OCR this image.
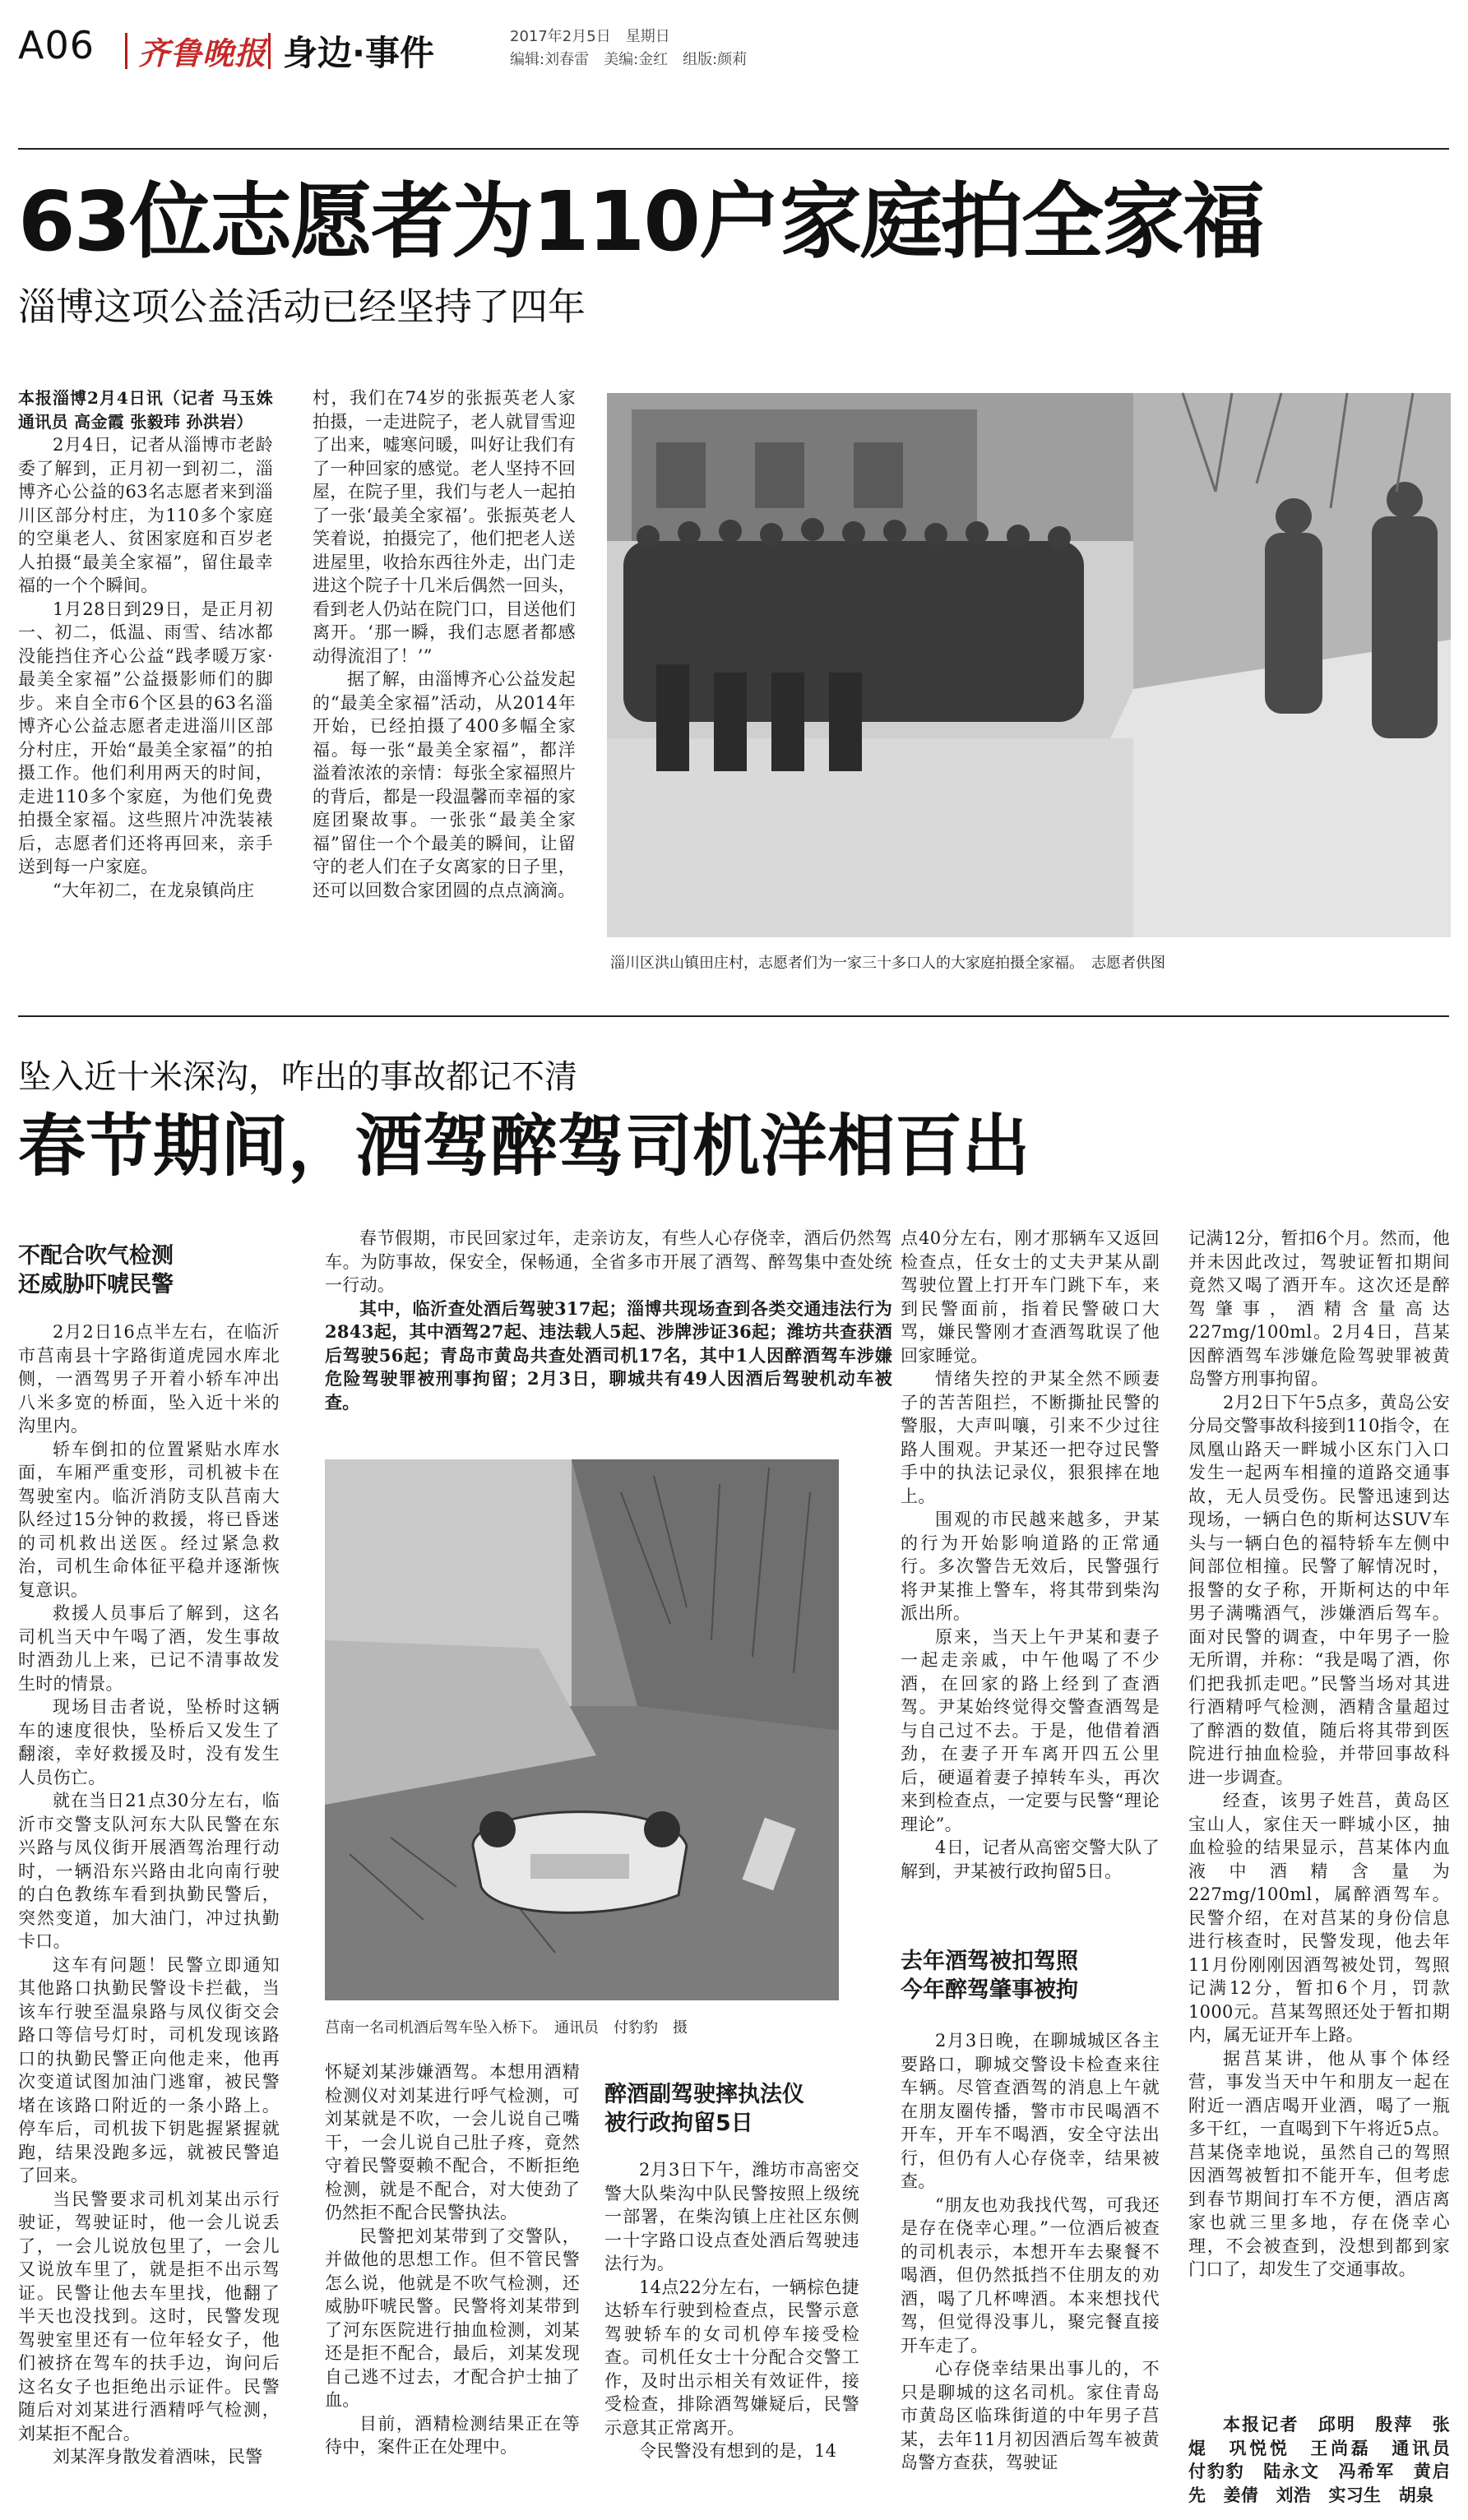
A06 齐鲁晚报 身边·事件	2017年2月5日　星期日
编辑:刘春雷　美编:金红　组版:颜莉
63位志愿者为110户家庭拍全家福
淄博这项公益活动已经坚持了四年
本报淄博2月4日讯（记者 马玉姝 通讯员 高金霞 张毅玮 孙洪岩）

2月4日，记者从淄博市老龄委了解到，正月初一到初二，淄博齐心公益的63名志愿者来到淄川区部分村庄，为110多个家庭的空巢老人、贫困家庭和百岁老人拍摄“最美全家福”，留住最幸福的一个个瞬间。

1月28日到29日，是正月初一、初二，低温、雨雪、结冰都没能挡住齐心公益“践孝暖万家·最美全家福”公益摄影师们的脚步。来自全市6个区县的63名淄博齐心公益志愿者走进淄川区部分村庄，开始“最美全家福”的拍摄工作。他们利用两天的时间，走进110多个家庭，为他们免费拍摄全家福。这些照片冲洗装裱后，志愿者们还将再回来，亲手送到每一户家庭。

“大年初二，在龙泉镇尚庄

村，我们在74岁的张振英老人家拍摄，一走进院子，老人就冒雪迎了出来，嘘寒问暖，叫好让我们有了一种回家的感觉。老人坚持不回屋，在院子里，我们与老人一起拍了一张‘最美全家福’。张振英老人笑着说，拍摄完了，他们把老人送进屋里，收拾东西往外走，出门走进这个院子十几米后偶然一回头，看到老人仍站在院门口，目送他们离开。‘那一瞬，我们志愿者都感动得流泪了！’”

据了解，由淄博齐心公益发起的“最美全家福”活动，从2014年开始，已经拍摄了400多幅全家福。每一张“最美全家福”，都洋溢着浓浓的亲情：每张全家福照片的背后，都是一段温馨而幸福的家庭团聚故事。一张张“最美全家福”留住一个个最美的瞬间，让留守的老人们在子女离家的日子里，还可以回数合家团圆的点点滴滴。

淄川区洪山镇田庄村，志愿者们为一家三十多口人的大家庭拍摄全家福。　志愿者供图
坠入近十米深沟，咋出的事故都记不清
春节期间，酒驾醉驾司机洋相百出
不配合吹气检测
还威胁吓唬民警

2月2日16点半左右，在临沂市莒南县十字路街道虎园水库北侧，一酒驾男子开着小轿车冲出八米多宽的桥面，坠入近十米的沟里内。

轿车倒扣的位置紧贴水库水面，车厢严重变形，司机被卡在驾驶室内。临沂消防支队莒南大队经过15分钟的救援，将已昏迷的司机救出送医。经过紧急救治，司机生命体征平稳并逐渐恢复意识。

救援人员事后了解到，这名司机当天中午喝了酒，发生事故时酒劲儿上来，已记不清事故发生时的情景。

现场目击者说，坠桥时这辆车的速度很快，坠桥后又发生了翻滚，幸好救援及时，没有发生人员伤亡。

就在当日21点30分左右，临沂市交警支队河东大队民警在东兴路与凤仪街开展酒驾治理行动时，一辆沿东兴路由北向南行驶的白色教练车看到执勤民警后，突然变道，加大油门，冲过执勤卡口。

这车有问题！民警立即通知其他路口执勤民警设卡拦截，当该车行驶至温泉路与凤仪街交会路口等信号灯时，司机发现该路口的执勤民警正向他走来，他再次变道试图加油门逃窜，被民警堵在该路口附近的一条小路上。停车后，司机拔下钥匙握紧握就跑，结果没跑多远，就被民警追了回来。

当民警要求司机刘某出示行驶证，驾驶证时，他一会儿说丢了，一会儿说放包里了，一会儿又说放车里了，就是拒不出示驾证。民警让他去车里找，他翻了半天也没找到。这时，民警发现驾驶室里还有一位年轻女子，他们被挤在驾车的扶手边，询问后这名女子也拒绝出示证件。民警随后对刘某进行酒精呼气检测，刘某拒不配合。

刘某浑身散发着酒味，民警

春节假期，市民回家过年，走亲访友，有些人心存侥幸，酒后仍然驾车。为防事故，保安全，保畅通，全省多市开展了酒驾、醉驾集中查处统一行动。

其中，临沂查处酒后驾驶317起；淄博共现场查到各类交通违法行为2843起，其中酒驾27起、违法载人5起、涉牌涉证36起；潍坊共查获酒后驾驶56起；青岛市黄岛共查处酒司机17名，其中1人因醉酒驾车涉嫌危险驾驶罪被刑事拘留；2月3日，聊城共有49人因酒后驾驶机动车被查。

莒南一名司机酒后驾车坠入桥下。　通讯员　付豹豹　摄

怀疑刘某涉嫌酒驾。本想用酒精检测仪对刘某进行呼气检测，可刘某就是不吹，一会儿说自己嘴干，一会儿说自己肚子疼，竟然守着民警耍赖不配合，不断拒绝检测，就是不配合，对大使劲了仍然拒不配合民警执法。

民警把刘某带到了交警队，并做他的思想工作。但不管民警怎么说，他就是不吹气检测，还威胁吓唬民警。民警将刘某带到了河东医院进行抽血检测，刘某还是拒不配合，最后，刘某发现自己逃不过去，才配合护士抽了血。

目前，酒精检测结果正在等待中，案件正在处理中。

醉酒副驾驶摔执法仪
被行政拘留5日

2月3日下午，潍坊市高密交警大队柴沟中队民警按照上级统一部署，在柴沟镇上庄社区东侧一十字路口设点查处酒后驾驶违法行为。

14点22分左右，一辆棕色捷达轿车行驶到检查点，民警示意驾驶轿车的女司机停车接受检查。司机任女士十分配合交警工作，及时出示相关有效证件，接受检查，排除酒驾嫌疑后，民警示意其正常离开。

令民警没有想到的是，14

点40分左右，刚才那辆车又返回检查点，任女士的丈夫尹某从副驾驶位置上打开车门跳下车，来到民警面前，指着民警破口大骂，嫌民警刚才查酒驾耽误了他回家睡觉。

情绪失控的尹某全然不顾妻子的苦苦阻拦，不断撕扯民警的警服，大声叫嚷，引来不少过往路人围观。尹某还一把夺过民警手中的执法记录仪，狠狠摔在地上。

围观的市民越来越多，尹某的行为开始影响道路的正常通行。多次警告无效后，民警强行将尹某推上警车，将其带到柴沟派出所。

原来，当天上午尹某和妻子一起走亲戚，中午他喝了不少酒，在回家的路上经到了查酒驾。尹某始终觉得交警查酒驾是与自己过不去。于是，他借着酒劲，在妻子开车离开四五公里后，硬逼着妻子掉转车头，再次来到检查点，一定要与民警“理论理论”。

4日，记者从高密交警大队了解到，尹某被行政拘留5日。

去年酒驾被扣驾照
今年醉驾肇事被拘

2月3日晚，在聊城城区各主要路口，聊城交警设卡检查来往车辆。尽管查酒驾的消息上午就在朋友圈传播，警市市民喝酒不开车，开车不喝酒，安全守法出行，但仍有人心存侥幸，结果被查。

“朋友也劝我找代驾，可我还是存在侥幸心理。”一位酒后被查的司机表示，本想开车去聚餐不喝酒，但仍然抵挡不住朋友的劝酒，喝了几杯啤酒。本来想找代驾，但觉得没事儿，聚完餐直接开车走了。

心存侥幸结果出事儿的，不只是聊城的这名司机。家住青岛市黄岛区临珠街道的中年男子莒某，去年11月初因酒后驾车被黄岛警方查获，驾驶证

记满12分，暂扣6个月。然而，他并未因此改过，驾驶证暂扣期间竟然又喝了酒开车。这次还是醉驾肇事，酒精含量高达227mg/100ml。2月4日，莒某因醉酒驾车涉嫌危险驾驶罪被黄岛警方刑事拘留。

2月2日下午5点多，黄岛公安分局交警事故科接到110指令，在凤凰山路天一畔城小区东门入口发生一起两车相撞的道路交通事故，无人员受伤。民警迅速到达现场，一辆白色的斯柯达SUV车头与一辆白色的福特轿车左侧中间部位相撞。民警了解情况时，报警的女子称，开斯柯达的中年男子满嘴酒气，涉嫌酒后驾车。面对民警的调查，中年男子一脸无所谓，并称：“我是喝了酒，你们把我抓走吧。”民警当场对其进行酒精呼气检测，酒精含量超过了醉酒的数值，随后将其带到医院进行抽血检验，并带回事故科进一步调查。

经查，该男子姓莒，黄岛区宝山人，家住天一畔城小区，抽血检验的结果显示，莒某体内血液中酒精含量为227mg/100ml，属醉酒驾车。民警介绍，在对莒某的身份信息进行核查时，民警发现，他去年11月份刚刚因酒驾被处罚，驾照记满12分，暂扣6个月，罚款1000元。莒某驾照还处于暂扣期内，属无证开车上路。

据莒某讲，他从事个体经营，事发当天中午和朋友一起在附近一酒店喝开业酒，喝了一瓶多干红，一直喝到下午将近5点。莒某侥幸地说，虽然自己的驾照因酒驾被暂扣不能开车，但考虑到春节期间打车不方便，酒店离家也就三里多地，存在侥幸心理，不会被查到，没想到都到家门口了，却发生了交通事故。

本报记者　邱明　殷萍　张焜　巩悦悦　王尚磊　通讯员　付豹豹　陆永文　冯希军　黄启先　姜倩　刘浩　实习生　胡泉
